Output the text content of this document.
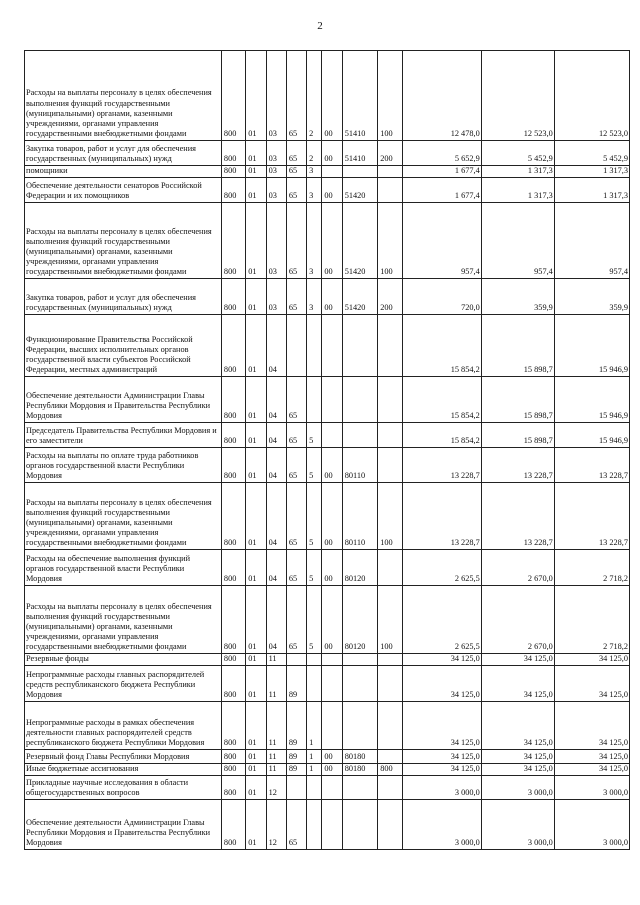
2
Расходы на выплаты персоналу в целях обеспечения выполнения функций государственными (муниципальными) органами, казенными учреждениями, органами управления государственными внебюджетными фондами	800	01	03	65	2	00	51410	100	12 478,0	12 523,0	12 523,0
Закупка товаров, работ и услуг для обеспечения государственных (муниципальных) нужд	800	01	03	65	2	00	51410	200	5 652,9	5 452,9	5 452,9
помощники	800	01	03	65	3				1 677,4	1 317,3	1 317,3
Обеспечение деятельности сенаторов Российской Федерации и их помощников	800	01	03	65	3	00	51420		1 677,4	1 317,3	1 317,3
Расходы на выплаты персоналу в целях обеспечения выполнения функций государственными (муниципальными) органами, казенными учреждениями, органами управления государственными внебюджетными фондами	800	01	03	65	3	00	51420	100	957,4	957,4	957,4
Закупка товаров, работ и услуг для обеспечения государственных (муниципальных) нужд	800	01	03	65	3	00	51420	200	720,0	359,9	359,9
Функционирование Правительства Российской Федерации, высших исполнительных органов государственной власти субъектов Российской Федерации, местных администраций	800	01	04						15 854,2	15 898,7	15 946,9
Обеспечение деятельности Администрации Главы Республики Мордовия и Правительства Республики Мордовия	800	01	04	65					15 854,2	15 898,7	15 946,9
Председатель Правительства Республики Мордовия и его заместители	800	01	04	65	5				15 854,2	15 898,7	15 946,9
Расходы на выплаты по оплате труда работников органов государственной власти Республики Мордовия	800	01	04	65	5	00	80110		13 228,7	13 228,7	13 228,7
Расходы на выплаты персоналу в целях обеспечения выполнения функций государственными (муниципальными) органами, казенными учреждениями, органами управления государственными внебюджетными фондами	800	01	04	65	5	00	80110	100	13 228,7	13 228,7	13 228,7
Расходы на обеспечение выполнения функций органов государственной власти Республики Мордовия	800	01	04	65	5	00	80120		2 625,5	2 670,0	2 718,2
Расходы на выплаты персоналу в целях обеспечения выполнения функций государственными (муниципальными) органами, казенными учреждениями, органами управления государственными внебюджетными фондами	800	01	04	65	5	00	80120	100	2 625,5	2 670,0	2 718,2
Резервные фонды	800	01	11						34 125,0	34 125,0	34 125,0
Непрограммные расходы главных распорядителей средств республиканского бюджета Республики Мордовия	800	01	11	89					34 125,0	34 125,0	34 125,0
Непрограммные расходы в рамках обеспечения деятельности главных распорядителей средств республиканского бюджета Республики Мордовия	800	01	11	89	1				34 125,0	34 125,0	34 125,0
Резервный фонд Главы Республики Мордовия	800	01	11	89	1	00	80180		34 125,0	34 125,0	34 125,0
Иные бюджетные ассигнования	800	01	11	89	1	00	80180	800	34 125,0	34 125,0	34 125,0
Прикладные научные исследования в области общегосударственных вопросов	800	01	12						3 000,0	3 000,0	3 000,0
Обеспечение деятельности Администрации Главы Республики Мордовия и Правительства Республики Мордовия	800	01	12	65					3 000,0	3 000,0	3 000,0
